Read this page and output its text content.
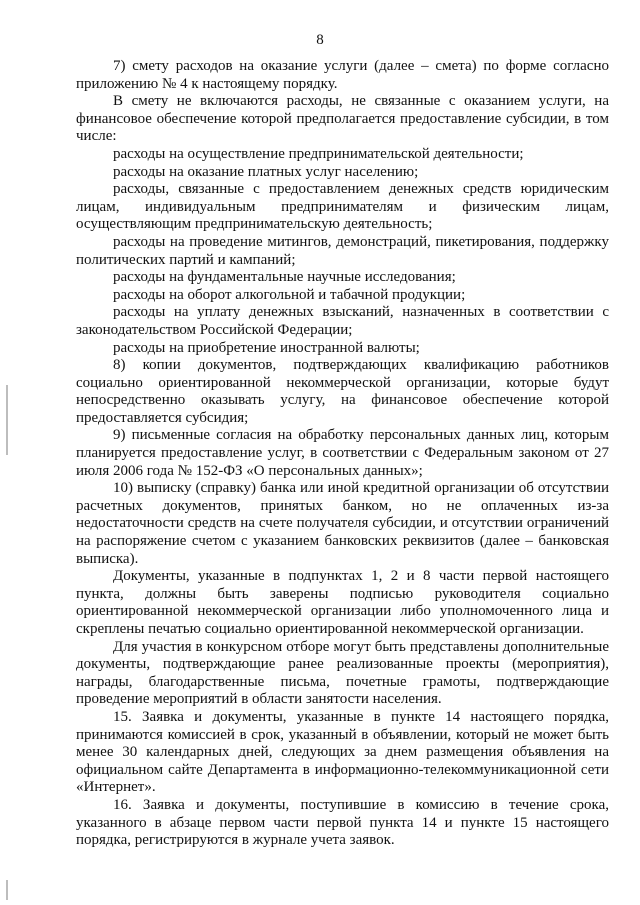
8

7) смету расходов на оказание услуги (далее – смета) по форме согласно приложению № 4 к настоящему порядку.

В смету не включаются расходы, не связанные с оказанием услуги, на финансовое обеспечение которой предполагается предоставление субсидии, в том числе:

расходы на осуществление предпринимательской деятельности;

расходы на оказание платных услуг населению;

расходы, связанные с предоставлением денежных средств юридическим лицам, индивидуальным предпринимателям и физическим лицам, осуществляющим предпринимательскую деятельность;

расходы на проведение митингов, демонстраций, пикетирования, поддержку политических партий и кампаний;

расходы на фундаментальные научные исследования;

расходы на оборот алкогольной и табачной продукции;

расходы на уплату денежных взысканий, назначенных в соответствии с законодательством Российской Федерации;

расходы на приобретение иностранной валюты;

8) копии документов, подтверждающих квалификацию работников социально ориентированной некоммерческой организации, которые будут непосредственно оказывать услугу, на финансовое обеспечение которой предоставляется субсидия;

9) письменные согласия на обработку персональных данных лиц, которым планируется предоставление услуг, в соответствии с Федеральным законом от 27 июля 2006 года № 152-ФЗ «О персональных данных»;

10) выписку (справку) банка или иной кредитной организации об отсутствии расчетных документов, принятых банком, но не оплаченных из-за недостаточности средств на счете получателя субсидии, и отсутствии ограничений на распоряжение счетом с указанием банковских реквизитов (далее – банковская выписка).

Документы, указанные в подпунктах 1, 2 и 8 части первой настоящего пункта, должны быть заверены подписью руководителя социально ориентированной некоммерческой организации либо уполномоченного лица и скреплены печатью социально ориентированной некоммерческой организации.

Для участия в конкурсном отборе могут быть представлены дополнительные документы, подтверждающие ранее реализованные проекты (мероприятия), награды, благодарственные письма, почетные грамоты, подтверждающие проведение мероприятий в области занятости населения.

15. Заявка и документы, указанные в пункте 14 настоящего порядка, принимаются комиссией в срок, указанный в объявлении, который не может быть менее 30 календарных дней, следующих за днем размещения объявления на официальном сайте Департамента в информационно-телекоммуникационной сети «Интернет».

16. Заявка и документы, поступившие в комиссию в течение срока, указанного в абзаце первом части первой пункта 14 и пункте 15 настоящего порядка, регистрируются в журнале учета заявок.
